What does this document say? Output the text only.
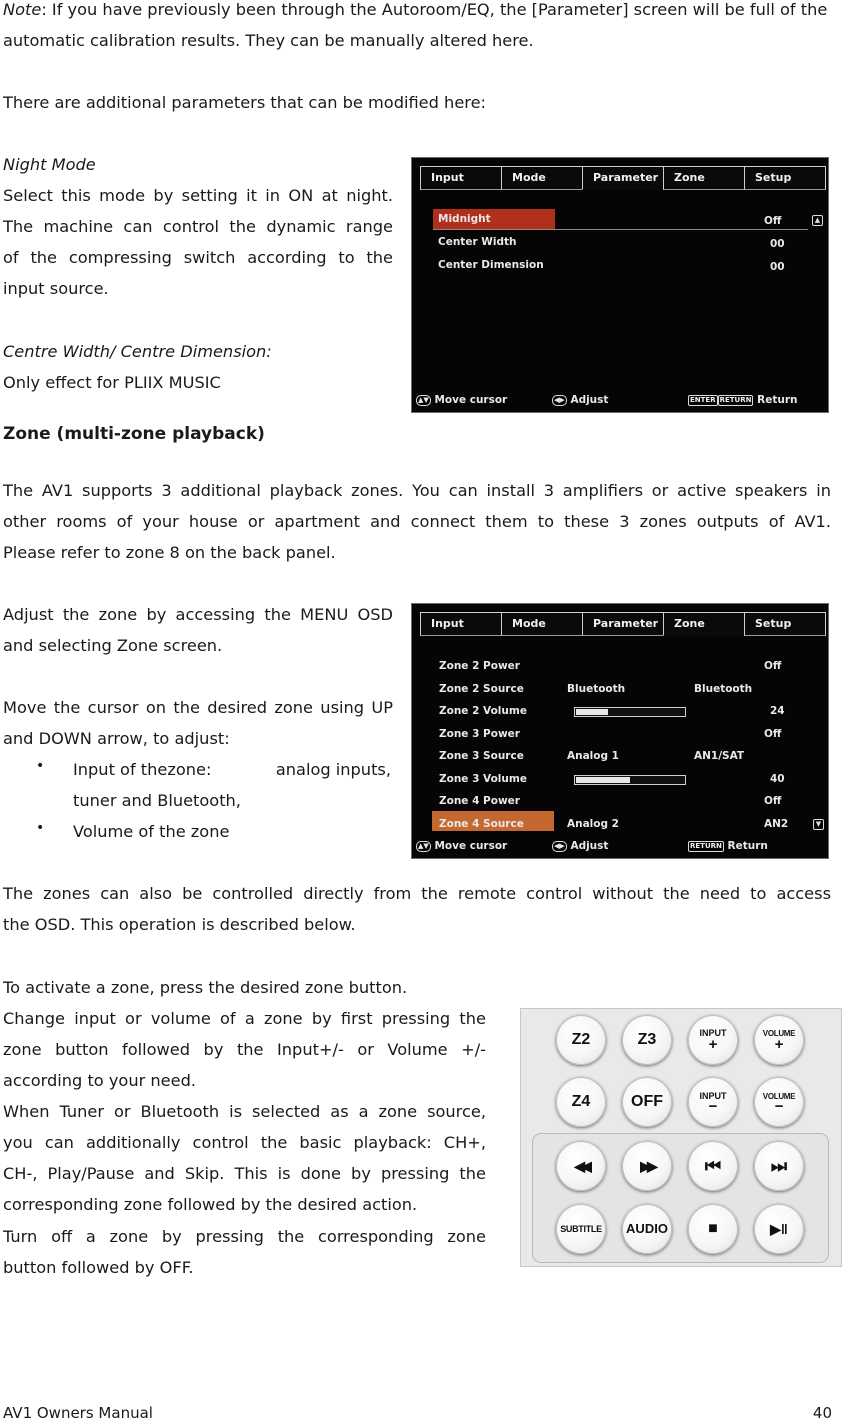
Note: If you have previously been through the Autoroom/EQ, the [Parameter] screen will be full of the automatic calibration results. They can be manually altered here.

There are additional parameters that can be modified here:

Night Mode

Select this mode by setting it in ON at night.

The machine can control the dynamic range

of the compressing switch according to the

input source.

Centre Width/ Centre Dimension:

Only effect for PLIIX MUSIC

Input	Mode	Parameter	Zone	Setup
Midnight	Off
Center Width	00
Center Dimension	00
▲
▲▼ Move cursor	◀▶ Adjust	ENTER RETURN Return

Zone (multi-zone playback)

The AV1 supports 3 additional playback zones. You can install 3 amplifiers or active speakers in

other rooms of your house or apartment and connect them to these 3 zones outputs of AV1.

Please refer to zone 8 on the back panel.

Adjust the zone by accessing the MENU OSD

and selecting Zone screen.

Move the cursor on the desired zone using UP

and DOWN arrow, to adjust:

• Input of thezone:	analog inputs,

tuner and Bluetooth,

• Volume of the zone

Input	Mode	Parameter	Zone	Setup
Zone 2 Power	Off
Zone 2 Source	Bluetooth	Bluetooth
Zone 2 Volume	24
Zone 3 Power	Off
Zone 3 Source	Analog 1	AN1/SAT
Zone 3 Volume	40
Zone 4 Power	Off
Zone 4 Source	Analog 2	AN2	▼
▲▼ Move cursor	◀▶ Adjust	RETURN Return

The zones can also be controlled directly from the remote control without the need to access

the OSD. This operation is described below.

To activate a zone, press the desired zone button.

Change input or volume of a zone by first pressing the

zone button followed by the Input+/- or Volume +/-

according to your need.

When Tuner or Bluetooth is selected as a zone source,

you can additionally control the basic playback: CH+,

CH-, Play/Pause and Skip. This is done by pressing the

corresponding zone followed by the desired action.

Turn off a zone by pressing the corresponding zone

button followed by OFF.

Z2	Z3	INPUT
+
VOLUME
+
Z4	OFF	INPUT
−
VOLUME
−
◀◀	▶▶	⏮	⏭
SUBTITLE AUDIO	■	▶‖
AV1 Owners Manual	40
